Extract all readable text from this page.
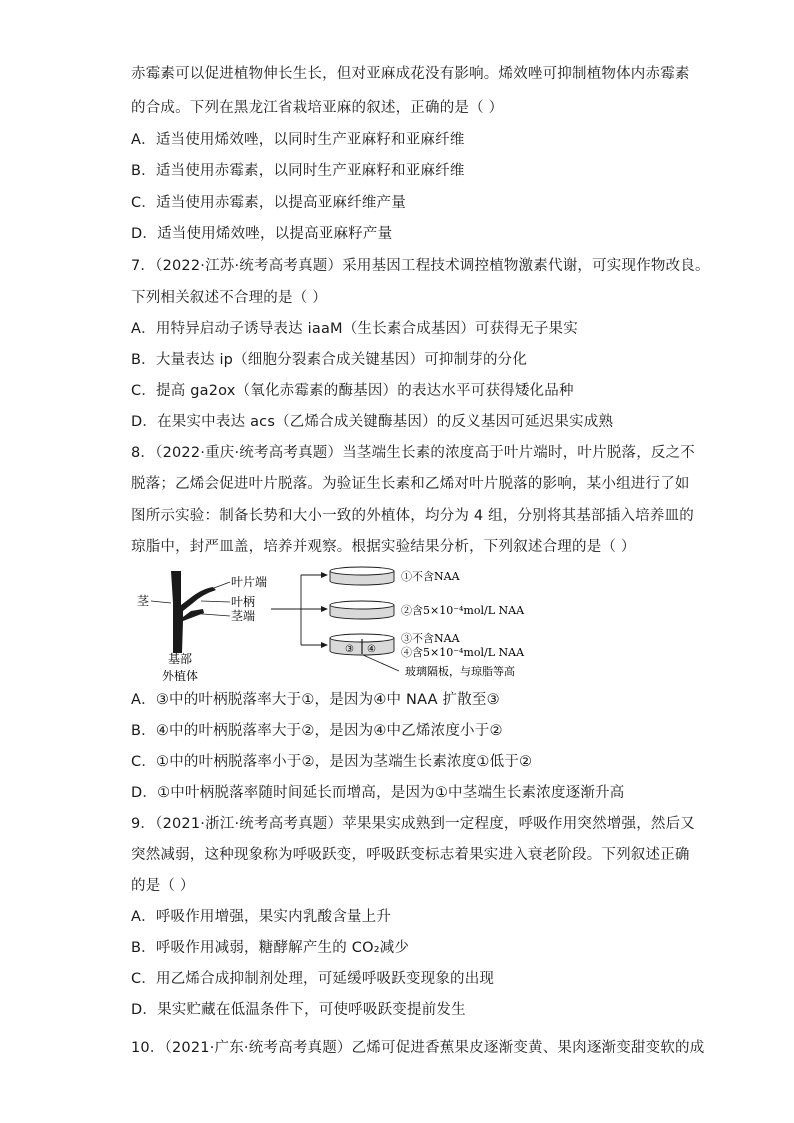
赤霉素可以促进植物伸长生长，但对亚麻成花没有影响。烯效唑可抑制植物体内赤霉素
的合成。下列在黑龙江省栽培亚麻的叙述，正确的是（ ）
A．适当使用烯效唑，以同时生产亚麻籽和亚麻纤维
B．适当使用赤霉素，以同时生产亚麻籽和亚麻纤维
C．适当使用赤霉素，以提高亚麻纤维产量
D．适当使用烯效唑，以提高亚麻籽产量
7．（2022·江苏·统考高考真题）采用基因工程技术调控植物激素代谢，可实现作物改良。
下列相关叙述不合理的是（ ）
A．用特异启动子诱导表达 iaaM（生长素合成基因）可获得无子果实
B．大量表达 ip（细胞分裂素合成关键基因）可抑制芽的分化
C．提高 ga2ox（氧化赤霉素的酶基因）的表达水平可获得矮化品种
D．在果实中表达 acs（乙烯合成关键酶基因）的反义基因可延迟果实成熟
8．（2022·重庆·统考高考真题）当茎端生长素的浓度高于叶片端时，叶片脱落，反之不
脱落；乙烯会促进叶片脱落。为验证生长素和乙烯对叶片脱落的影响，某小组进行了如
图所示实验：制备长势和大小一致的外植体，均分为 4 组，分别将其基部插入培养皿的
琼脂中，封严皿盖，培养并观察。根据实验结果分析，下列叙述合理的是（ ）
茎
叶片端
叶柄
茎端
基部
外植体
①不含NAA
②含5×10⁻⁴mol/L NAA
③ ④
③不含NAA
④含5×10⁻⁴mol/L NAA
玻璃隔板，与琼脂等高
A．③中的叶柄脱落率大于①，是因为④中 NAA 扩散至③
B．④中的叶柄脱落率大于②，是因为④中乙烯浓度小于②
C．①中的叶柄脱落率小于②，是因为茎端生长素浓度①低于②
D．①中叶柄脱落率随时间延长而增高，是因为①中茎端生长素浓度逐渐升高
9．（2021·浙江·统考高考真题）苹果果实成熟到一定程度，呼吸作用突然增强，然后又
突然减弱，这种现象称为呼吸跃变，呼吸跃变标志着果实进入衰老阶段。下列叙述正确
的是（ ）
A．呼吸作用增强，果实内乳酸含量上升
B．呼吸作用减弱，糖酵解产生的 CO₂减少
C．用乙烯合成抑制剂处理，可延缓呼吸跃变现象的出现
D．果实贮藏在低温条件下，可使呼吸跃变提前发生
10．（2021·广东·统考高考真题）乙烯可促进香蕉果皮逐渐变黄、果肉逐渐变甜变软的成
